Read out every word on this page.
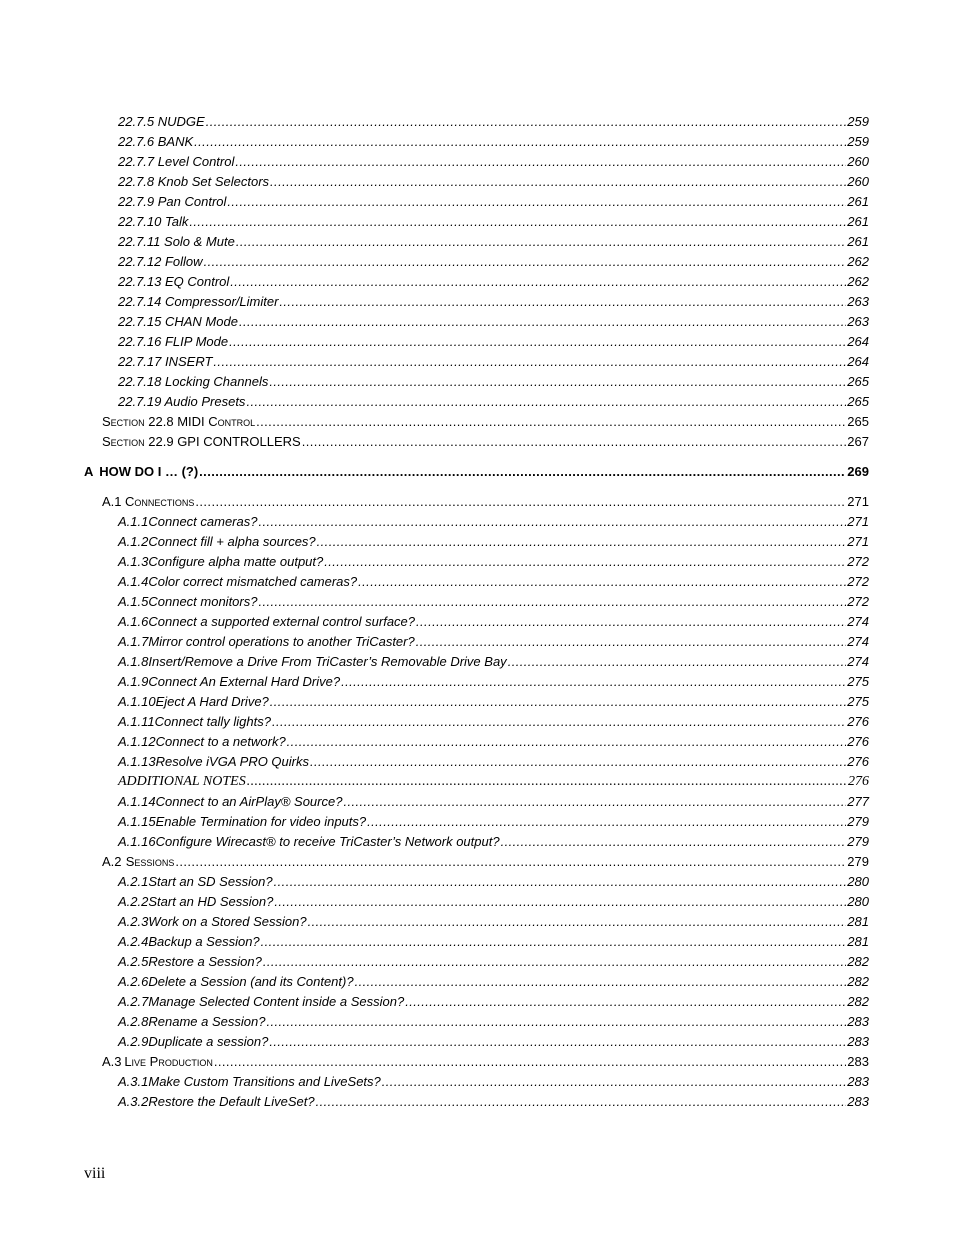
22.7.5 NUDGE .....	259
22.7.6 BANK .....	259
22.7.7 Level Control .....	260
22.7.8 Knob Set Selectors .....	260
22.7.9 Pan Control .....	261
22.7.10 Talk .....	261
22.7.11 Solo & Mute .....	261
22.7.12 Follow .....	262
22.7.13 EQ Control .....	262
22.7.14 Compressor/Limiter .....	263
22.7.15 CHAN Mode .....	263
22.7.16 FLIP Mode .....	264
22.7.17 INSERT .....	264
22.7.18 Locking Channels .....	265
22.7.19 Audio Presets .....	265
Section 22.8 MIDI Control .....	265
Section 22.9 GPI CONTROLLERS .....	267
A HOW DO I … (?) .....	269
A.1 Connections .....	271
A.1.1 Connect cameras? .....	271
A.1.2 Connect fill + alpha sources? .....	271
A.1.3 Configure alpha matte output? .....	272
A.1.4 Color correct mismatched cameras? .....	272
A.1.5 Connect monitors? .....	272
A.1.6 Connect a supported external control surface? .....	274
A.1.7 Mirror control operations to another TriCaster? .....	274
A.1.8 Insert/Remove a Drive From TriCaster’s Removable Drive Bay .....	274
A.1.9 Connect An External Hard Drive? .....	275
A.1.10 Eject A Hard Drive? .....	275
A.1.11 Connect tally lights? .....	276
A.1.12 Connect to a network? .....	276
A.1.13 Resolve iVGA PRO Quirks .....	276
ADDITIONAL NOTES .....	276
A.1.14 Connect to an AirPlay® Source? .....	277
A.1.15 Enable Termination for video inputs? .....	279
A.1.16 Configure Wirecast® to receive TriCaster’s Network output? .....	279
A.2 Sessions .....	279
A.2.1 Start an SD Session? .....	280
A.2.2 Start an HD Session? .....	280
A.2.3 Work on a Stored Session? .....	281
A.2.4 Backup a Session? .....	281
A.2.5 Restore a Session? .....	282
A.2.6 Delete a Session (and its Content)? .....	282
A.2.7 Manage Selected Content inside a Session? .....	282
A.2.8 Rename a Session? .....	283
A.2.9 Duplicate a session? .....	283
A.3 Live Production .....	283
A.3.1 Make Custom Transitions and LiveSets? .....	283
A.3.2 Restore the Default LiveSet? .....	283
viii
